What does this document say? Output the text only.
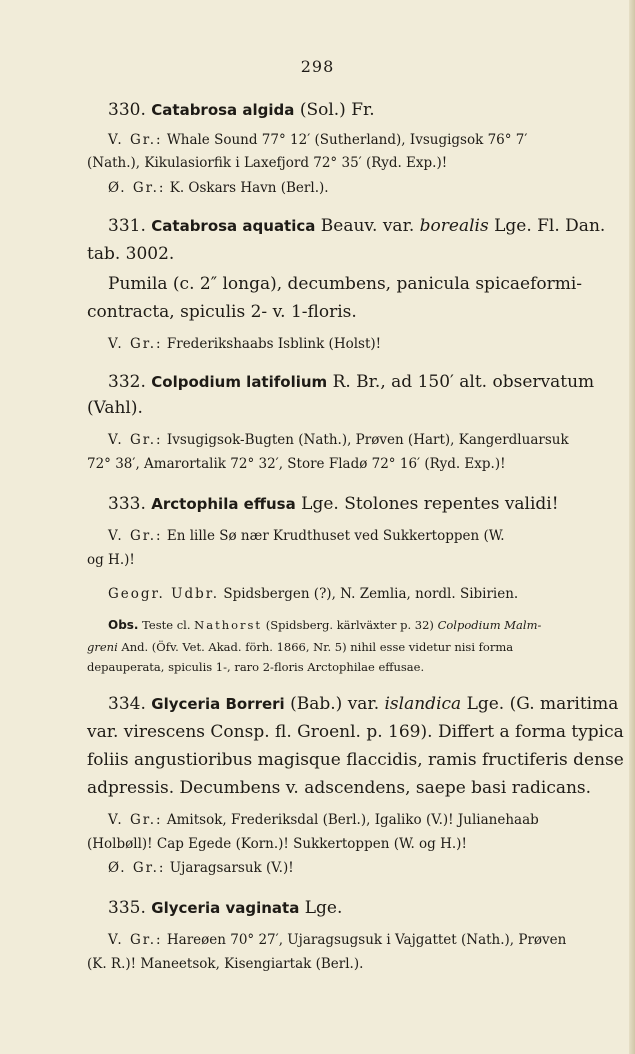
298
330. Catabrosa algida (Sol.) Fr.
V. Gr.: Whale Sound 77° 12′ (Sutherland), Ivsugigsok 76° 7′
(Nath.), Kikulasiorfik i Laxefjord 72° 35′ (Ryd. Exp.)!
Ø. Gr.: K. Oskars Havn (Berl.).
331. Catabrosa aquatica Beauv. var. borealis Lge. Fl. Dan.
tab. 3002.
Pumila (c. 2″ longa), decumbens, panicula spicaeformi-
contracta, spiculis 2- v. 1-floris.
V. Gr.: Frederikshaabs Isblink (Holst)!
332. Colpodium latifolium R. Br., ad 150′ alt. observatum
(Vahl).
V. Gr.: Ivsugigsok-Bugten (Nath.), Prøven (Hart), Kangerdluarsuk
72° 38′, Amarortalik 72° 32′, Store Fladø 72° 16′ (Ryd. Exp.)!
333. Arctophila effusa Lge. Stolones repentes validi!
V. Gr.: En lille Sø nær Krudthuset ved Sukkertoppen (W.
og H.)!
Geogr. Udbr. Spidsbergen (?), N. Zemlia, nordl. Sibirien.
Obs. Teste cl. Nathorst (Spidsberg. kärlväxter p. 32) Colpodium Malm-
greni And. (Öfv. Vet. Akad. förh. 1866, Nr. 5) nihil esse videtur nisi forma
depauperata, spiculis 1-, raro 2-floris Arctophilae effusae.
334. Glyceria Borreri (Bab.) var. islandica Lge. (G. maritima
var. virescens Consp. fl. Groenl. p. 169). Differt a forma typica
foliis angustioribus magisque flaccidis, ramis fructiferis dense
adpressis. Decumbens v. adscendens, saepe basi radicans.
V. Gr.: Amitsok, Frederiksdal (Berl.), Igaliko (V.)! Julianehaab
(Holbøll)! Cap Egede (Korn.)! Sukkertoppen (W. og H.)!
Ø. Gr.: Ujaragsarsuk (V.)!
335. Glyceria vaginata Lge.
V. Gr.: Hareøen 70° 27′, Ujaragsugsuk i Vajgattet (Nath.), Prøven
(K. R.)! Maneetsok, Kisengiartak (Berl.).
